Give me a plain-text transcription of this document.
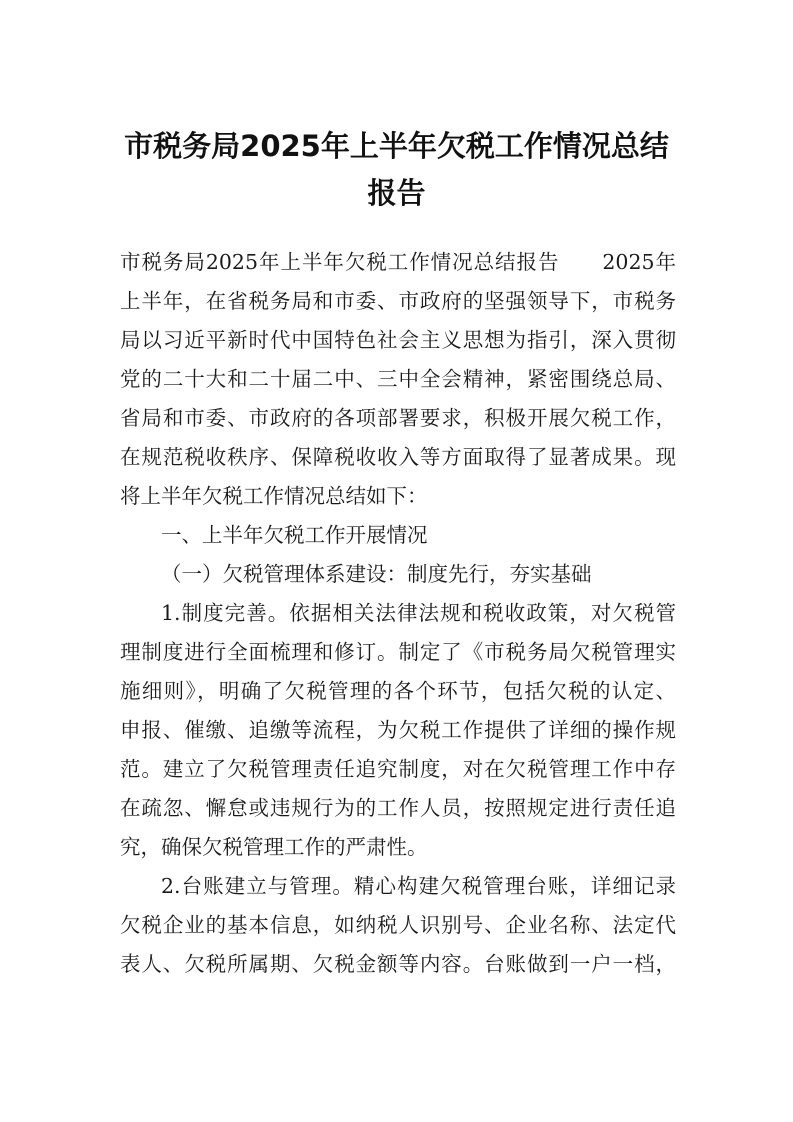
市税务局2025年上半年欠税工作情况总结
报告

市税务局2025年上半年欠税工作情况总结报告　　2025年

上半年，在省税务局和市委、市政府的坚强领导下，市税务

局以习近平新时代中国特色社会主义思想为指引，深入贯彻

党的二十大和二十届二中、三中全会精神，紧密围绕总局、

省局和市委、市政府的各项部署要求，积极开展欠税工作，

在规范税收秩序、保障税收收入等方面取得了显著成果。现

将上半年欠税工作情况总结如下：

一、上半年欠税工作开展情况

（一）欠税管理体系建设：制度先行，夯实基础

1.制度完善。依据相关法律法规和税收政策，对欠税管

理制度进行全面梳理和修订。制定了《市税务局欠税管理实

施细则》，明确了欠税管理的各个环节，包括欠税的认定、

申报、催缴、追缴等流程，为欠税工作提供了详细的操作规

范。建立了欠税管理责任追究制度，对在欠税管理工作中存

在疏忽、懈怠或违规行为的工作人员，按照规定进行责任追

究，确保欠税管理工作的严肃性。

2.台账建立与管理。精心构建欠税管理台账，详细记录

欠税企业的基本信息，如纳税人识别号、企业名称、法定代

表人、欠税所属期、欠税金额等内容。台账做到一户一档，
